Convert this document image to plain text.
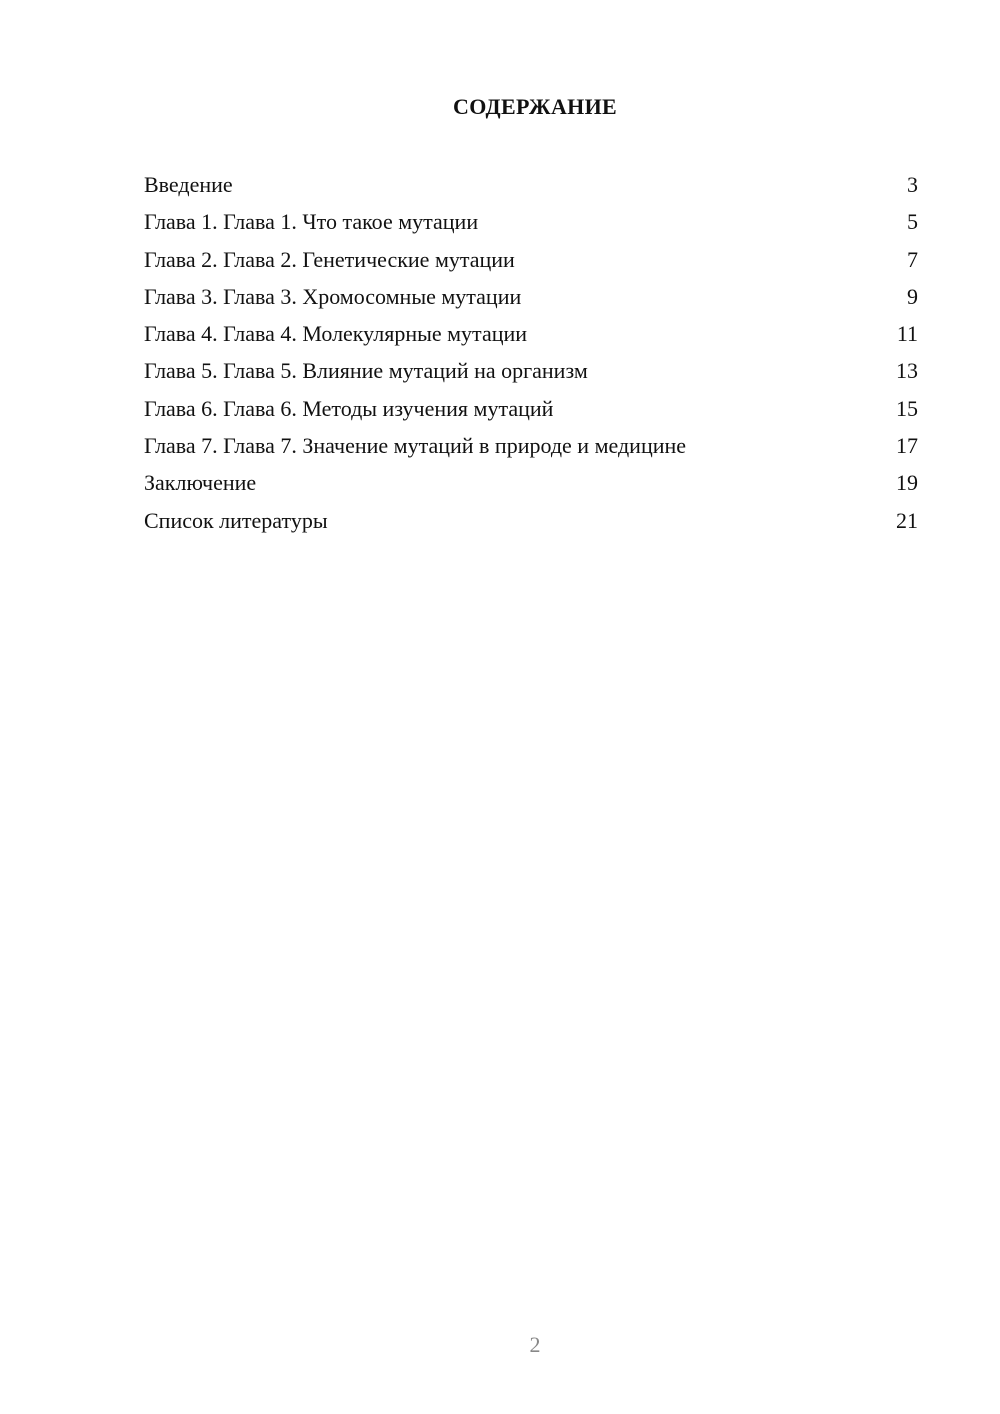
СОДЕРЖАНИЕ
Введение	3
Глава 1. Глава 1. Что такое мутации	5
Глава 2. Глава 2. Генетические мутации	7
Глава 3. Глава 3. Хромосомные мутации	9
Глава 4. Глава 4. Молекулярные мутации	11
Глава 5. Глава 5. Влияние мутаций на организм	13
Глава 6. Глава 6. Методы изучения мутаций	15
Глава 7. Глава 7. Значение мутаций в природе и медицине	17
Заключение	19
Список литературы	21
2
